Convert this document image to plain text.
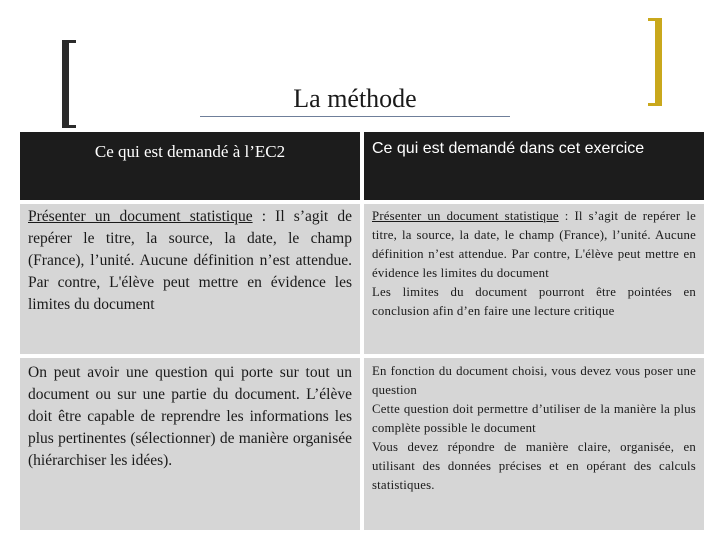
La méthode
Ce qui est demandé à l’EC2	Ce qui est demandé dans cet exercice

Présenter un document statistique : Il s’agit de repérer le titre, la source, la date, le champ (France), l’unité. Aucune définition n’est attendue. Par contre, L'élève peut mettre en évidence les limites du document

Présenter un document statistique : Il s’agit de repérer le titre, la source, la date, le champ (France), l’unité. Aucune définition n’est attendue. Par contre, L'élève peut mettre en évidence les limites du document

Les limites du document pourront être pointées en conclusion afin d’en faire une lecture critique

On peut avoir une question qui porte sur tout un document ou sur une partie du document. L’élève doit être capable de reprendre les informations les plus pertinentes (sélectionner) de manière organisée (hiérarchiser les idées).

En fonction du document choisi, vous devez vous poser une question

Cette question doit permettre d’utiliser de la manière la plus complète possible le document

Vous devez répondre de manière claire, organisée, en utilisant des données précises et en opérant des calculs statistiques.
